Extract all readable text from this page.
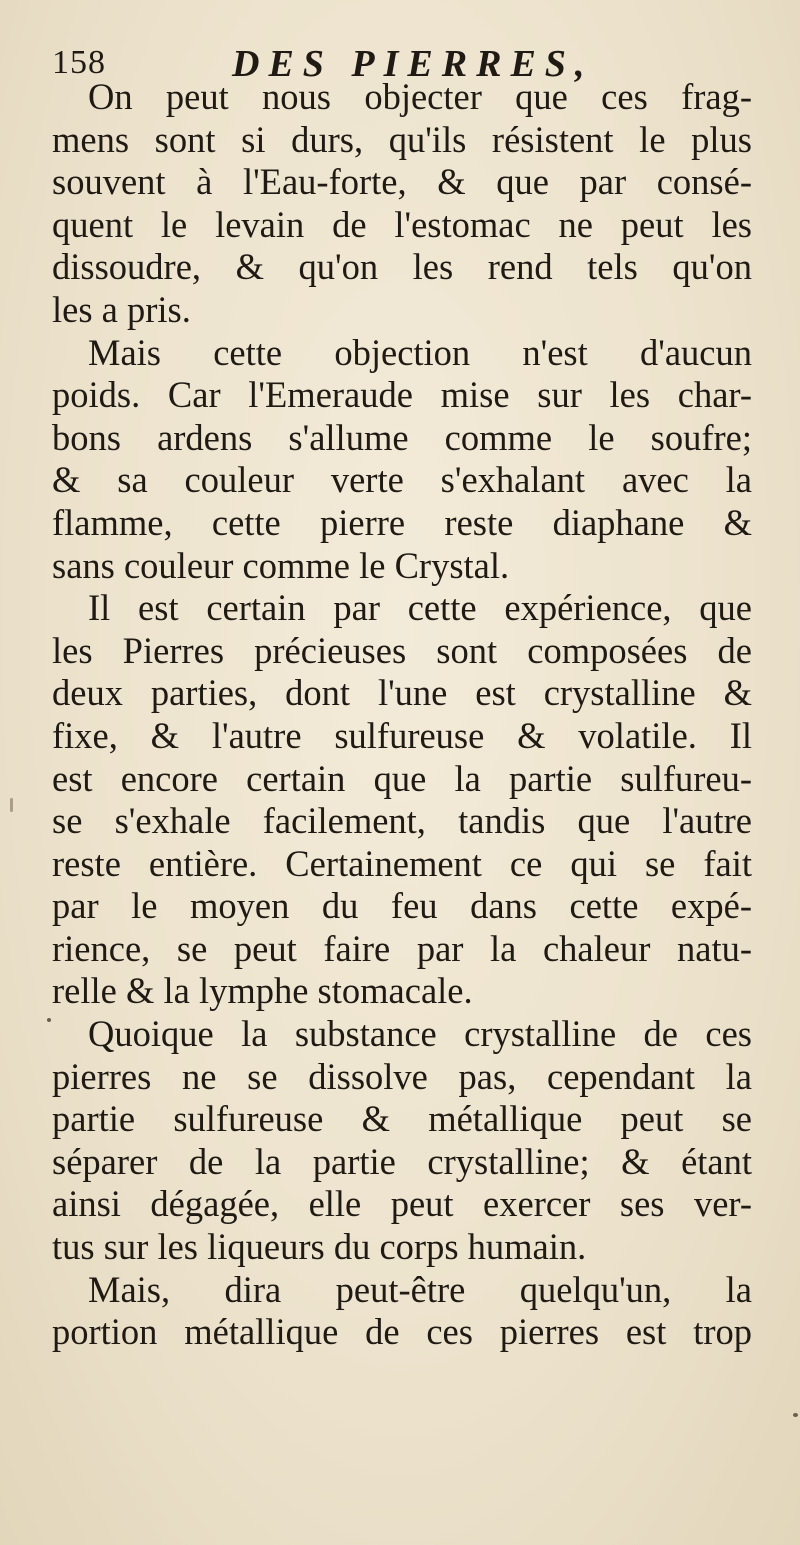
158	DES PIERRES,
On peut nous objecter que ces frag-
mens sont si durs, qu'ils résistent le plus
souvent à l'Eau-forte, & que par consé-
quent le levain de l'estomac ne peut les
dissoudre, & qu'on les rend tels qu'on
les a pris.
Mais cette objection n'est d'aucun
poids. Car l'Emeraude mise sur les char-
bons ardens s'allume comme le soufre;
& sa couleur verte s'exhalant avec la
flamme, cette pierre reste diaphane &
sans couleur comme le Crystal.
Il est certain par cette expérience, que
les Pierres précieuses sont composées de
deux parties, dont l'une est crystalline &
fixe, & l'autre sulfureuse & volatile. Il
est encore certain que la partie sulfureu-
se s'exhale facilement, tandis que l'autre
reste entière. Certainement ce qui se fait
par le moyen du feu dans cette expé-
rience, se peut faire par la chaleur natu-
relle & la lymphe stomacale.
Quoique la substance crystalline de ces
pierres ne se dissolve pas, cependant la
partie sulfureuse & métallique peut se
séparer de la partie crystalline; & étant
ainsi dégagée, elle peut exercer ses ver-
tus sur les liqueurs du corps humain.
Mais, dira peut-être quelqu'un, la
portion métallique de ces pierres est trop
